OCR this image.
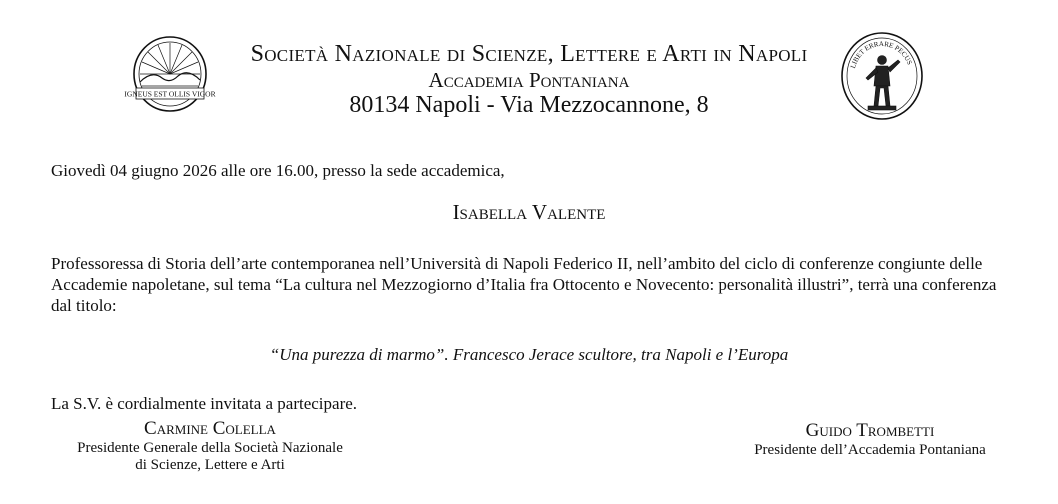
IGNEUS EST OLLIS VIGOR
LIBET ERRARE PECUS
Società Nazionale di Scienze, Lettere e Arti in Napoli
Accademia Pontaniana
80134 Napoli - Via Mezzocannone, 8
Giovedì 04 giugno 2026 alle ore 16.00, presso la sede accademica,
Isabella Valente
Professoressa di Storia dell’arte contemporanea nell’Università di Napoli Federico II, nell’ambito del ciclo di conferenze congiunte delle Accademie napoletane, sul tema “La cultura nel Mezzogiorno d’Italia fra Ottocento e Novecento: personalità illustri”, terrà una conferenza dal titolo:
“Una purezza di marmo”. Francesco Jerace scultore, tra Napoli e l’Europa
La S.V. è cordialmente invitata a partecipare.
Carmine Colella
Presidente Generale della Società Nazionale
di Scienze, Lettere e Arti
Guido Trombetti
Presidente dell’Accademia Pontaniana
